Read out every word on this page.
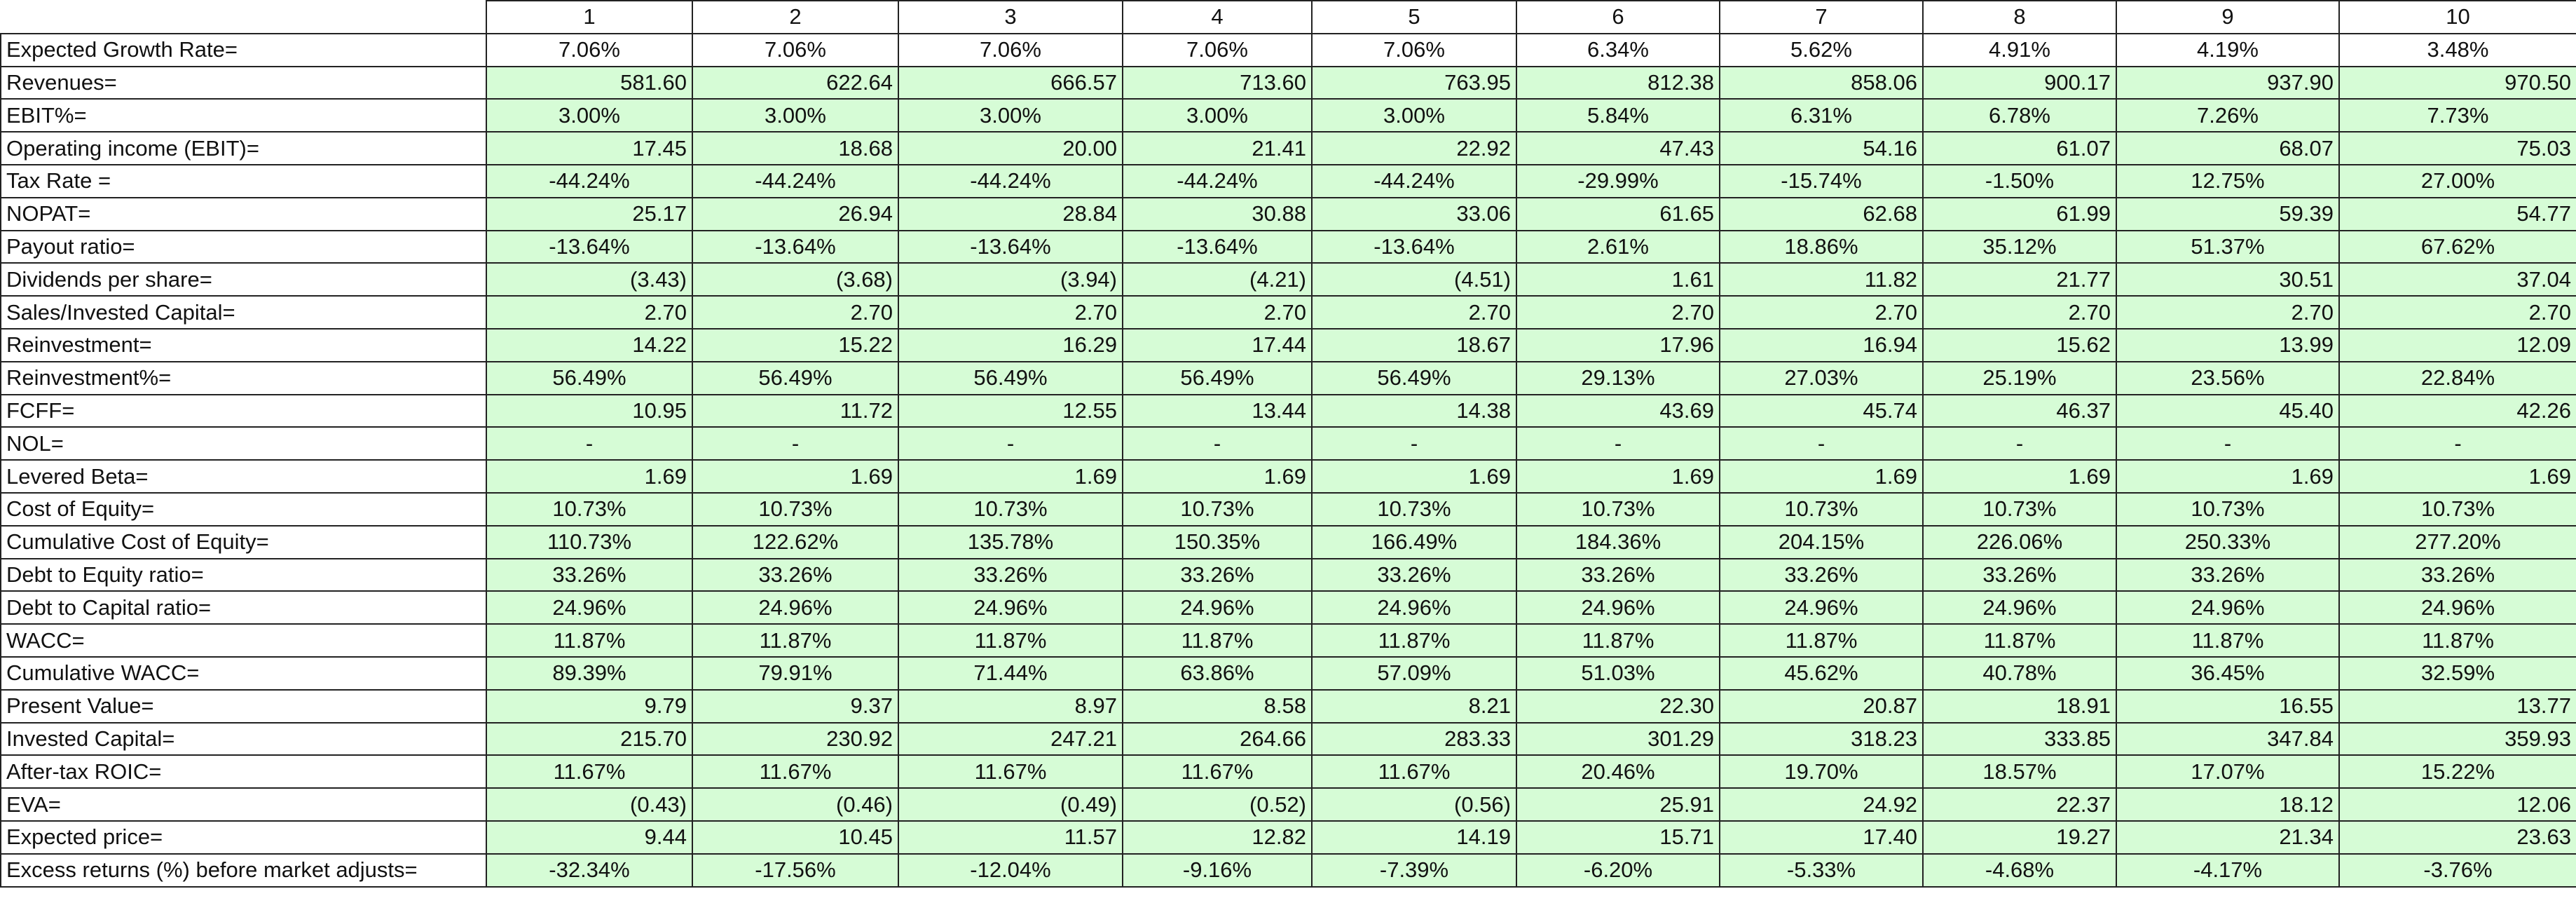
	1	2	3	4	5	6	7	8	9	10
Expected Growth Rate=	7.06%	7.06%	7.06%	7.06%	7.06%	6.34%	5.62%	4.91%	4.19%	3.48%
Revenues=	581.60	622.64	666.57	713.60	763.95	812.38	858.06	900.17	937.90	970.50
EBIT%=	3.00%	3.00%	3.00%	3.00%	3.00%	5.84%	6.31%	6.78%	7.26%	7.73%
Operating income (EBIT)=	17.45	18.68	20.00	21.41	22.92	47.43	54.16	61.07	68.07	75.03
Tax Rate =	-44.24%	-44.24%	-44.24%	-44.24%	-44.24%	-29.99%	-15.74%	-1.50%	12.75%	27.00%
NOPAT=	25.17	26.94	28.84	30.88	33.06	61.65	62.68	61.99	59.39	54.77
Payout ratio=	-13.64%	-13.64%	-13.64%	-13.64%	-13.64%	2.61%	18.86%	35.12%	51.37%	67.62%
Dividends per share=	(3.43)	(3.68)	(3.94)	(4.21)	(4.51)	1.61	11.82	21.77	30.51	37.04
Sales/Invested Capital=	2.70	2.70	2.70	2.70	2.70	2.70	2.70	2.70	2.70	2.70
Reinvestment=	14.22	15.22	16.29	17.44	18.67	17.96	16.94	15.62	13.99	12.09
Reinvestment%=	56.49%	56.49%	56.49%	56.49%	56.49%	29.13%	27.03%	25.19%	23.56%	22.84%
FCFF=	10.95	11.72	12.55	13.44	14.38	43.69	45.74	46.37	45.40	42.26
NOL=	-	-	-	-	-	-	-	-	-	-
Levered Beta=	1.69	1.69	1.69	1.69	1.69	1.69	1.69	1.69	1.69	1.69
Cost of Equity=	10.73%	10.73%	10.73%	10.73%	10.73%	10.73%	10.73%	10.73%	10.73%	10.73%
Cumulative Cost of Equity=	110.73%	122.62%	135.78%	150.35%	166.49%	184.36%	204.15%	226.06%	250.33%	277.20%
Debt to Equity ratio=	33.26%	33.26%	33.26%	33.26%	33.26%	33.26%	33.26%	33.26%	33.26%	33.26%
Debt to Capital ratio=	24.96%	24.96%	24.96%	24.96%	24.96%	24.96%	24.96%	24.96%	24.96%	24.96%
WACC=	11.87%	11.87%	11.87%	11.87%	11.87%	11.87%	11.87%	11.87%	11.87%	11.87%
Cumulative WACC=	89.39%	79.91%	71.44%	63.86%	57.09%	51.03%	45.62%	40.78%	36.45%	32.59%
Present Value=	9.79	9.37	8.97	8.58	8.21	22.30	20.87	18.91	16.55	13.77
Invested Capital=	215.70	230.92	247.21	264.66	283.33	301.29	318.23	333.85	347.84	359.93
After-tax ROIC=	11.67%	11.67%	11.67%	11.67%	11.67%	20.46%	19.70%	18.57%	17.07%	15.22%
EVA=	(0.43)	(0.46)	(0.49)	(0.52)	(0.56)	25.91	24.92	22.37	18.12	12.06
Expected price=	9.44	10.45	11.57	12.82	14.19	15.71	17.40	19.27	21.34	23.63
Excess returns (%) before market adjusts=	-32.34%	-17.56%	-12.04%	-9.16%	-7.39%	-6.20%	-5.33%	-4.68%	-4.17%	-3.76%
